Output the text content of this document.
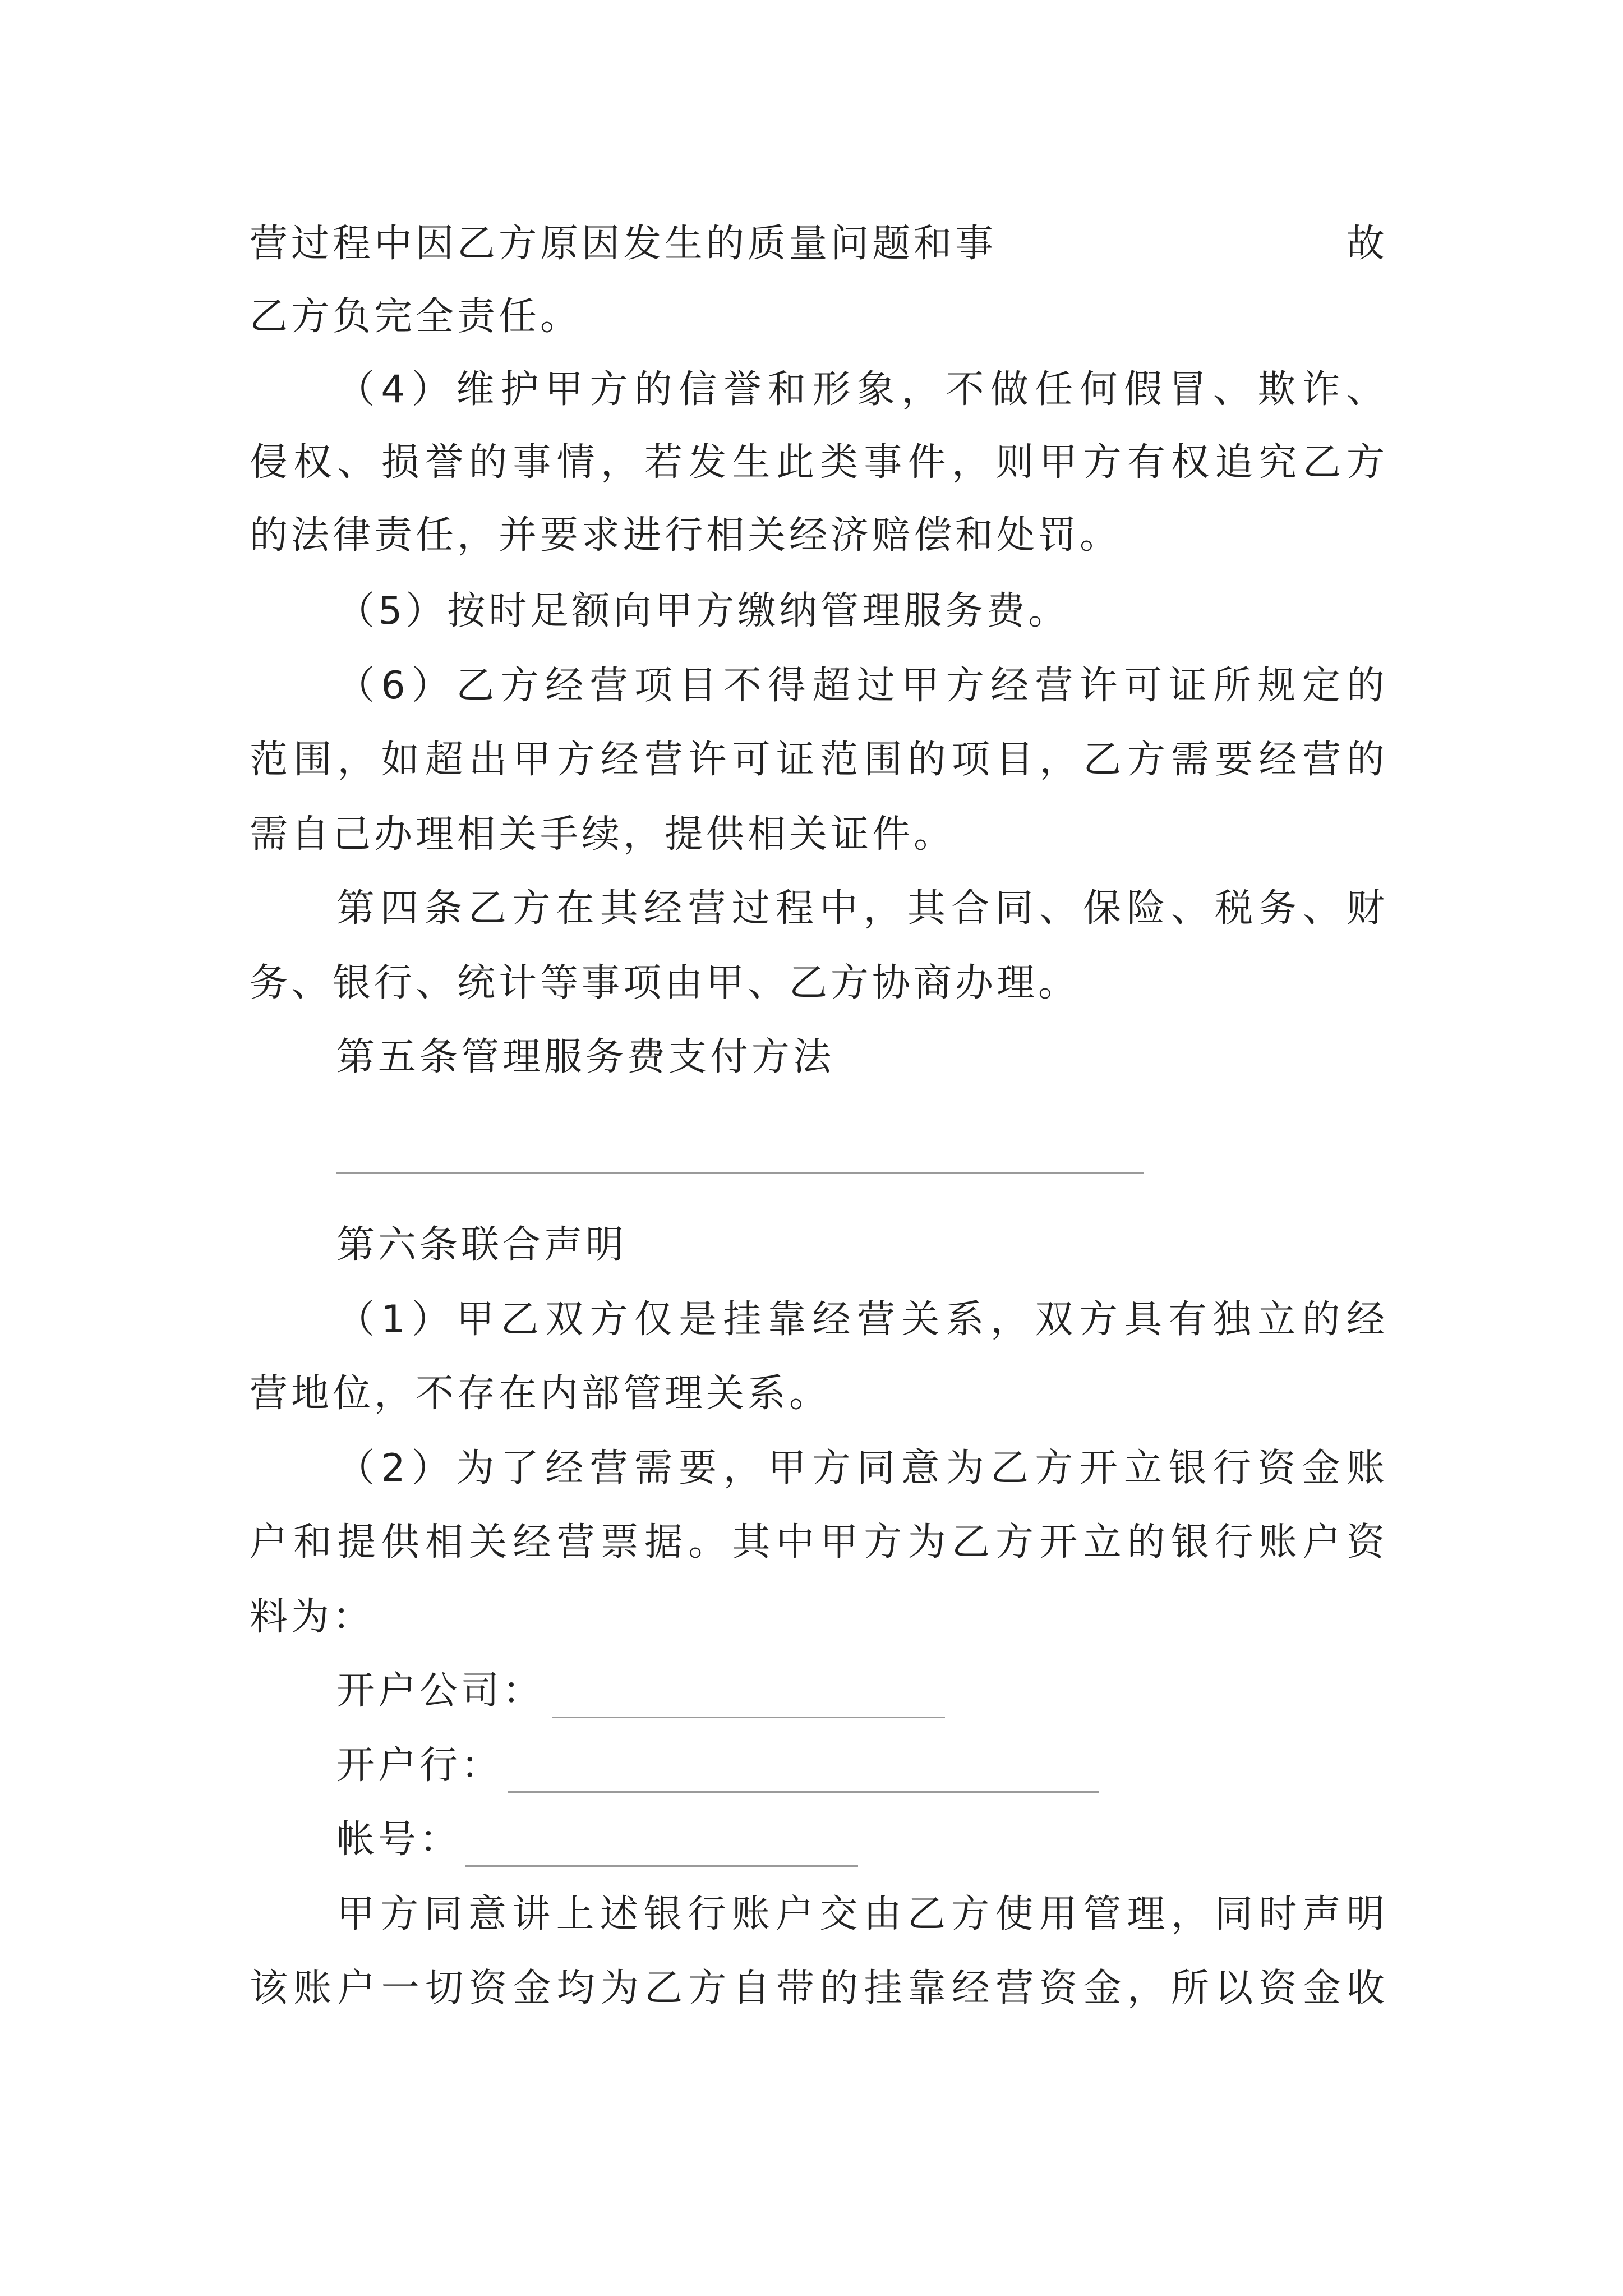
营过程中因乙方原因发生的质量问题和事	故
乙方负完全责任。
（4）维护甲方的信誉和形象，不做任何假冒、欺诈、
侵权、损誉的事情，若发生此类事件，则甲方有权追究乙方
的法律责任，并要求进行相关经济赔偿和处罚。
（5）按时足额向甲方缴纳管理服务费。
（6）乙方经营项目不得超过甲方经营许可证所规定的
范围，如超出甲方经营许可证范围的项目，乙方需要经营的
需自己办理相关手续，提供相关证件。
第四条乙方在其经营过程中，其合同、保险、税务、财
务、银行、统计等事项由甲、乙方协商办理。
第五条管理服务费支付方法
第六条联合声明
（1）甲乙双方仅是挂靠经营关系，双方具有独立的经
营地位，不存在内部管理关系。
（2）为了经营需要，甲方同意为乙方开立银行资金账
户和提供相关经营票据。其中甲方为乙方开立的银行账户资
料为：
开户公司：
开户行：
帐号：
甲方同意讲上述银行账户交由乙方使用管理，同时声明
该账户一切资金均为乙方自带的挂靠经营资金，所以资金收
